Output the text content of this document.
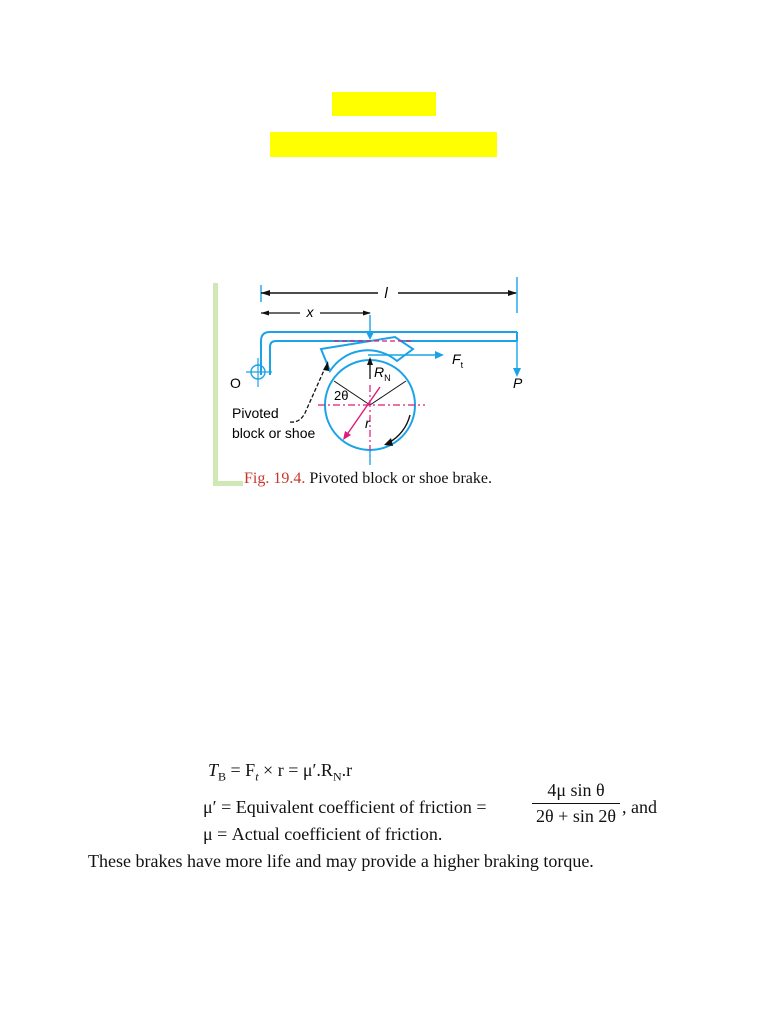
l
x
O	P
$F_t$
$R_N$
2θ
r
Pivoted
block or shoe
Fig. 19.4. Pivoted block or shoe brake.
$T_B = F_t \times r = \mu'.R_N.r$
μ′ = Equivalent coefficient of friction =
4μ sin θ
2θ + sin 2θ , and
μ = Actual coefficient of friction.
These brakes have more life and may provide a higher braking torque.
